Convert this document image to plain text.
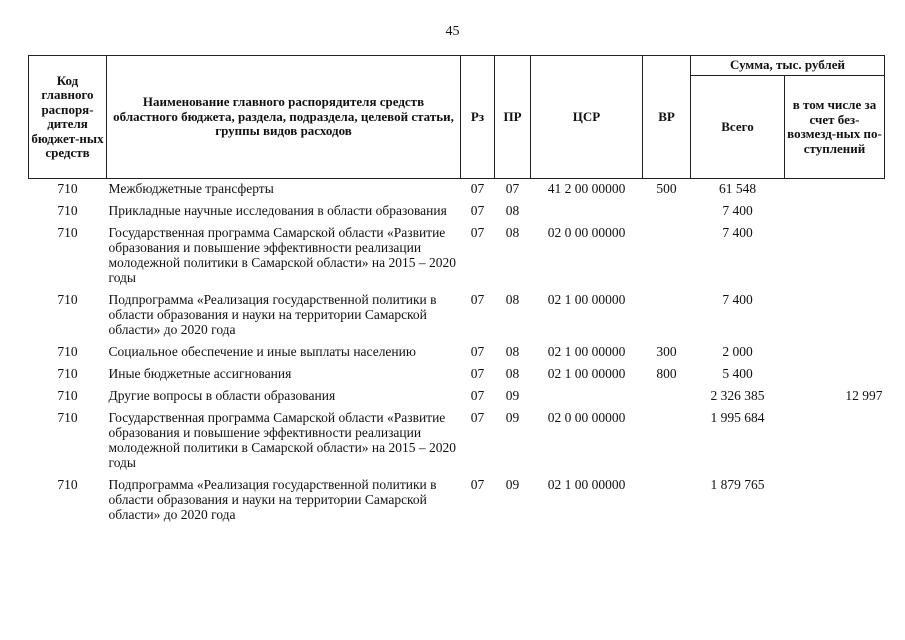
45
Код главного распоря-дителя бюджет-ных средств	Наименование главного распорядителя средств областного бюджета, раздела, подраздела, целевой статьи, группы видов расходов	Рз	ПР	ЦСР	ВР	Сумма, тыс. рублей	
						Всего	в том числе за счет без-возмезд-ных по-ступлений
710	Межбюджетные трансферты	07	07	41 2 00 00000	500	61 548	
710	Прикладные научные исследования в области образования	07	08			7 400	
710	Государственная программа Самарской области «Развитие образования и повышение эффективности реализации молодежной политики в Самарской области» на 2015 – 2020 годы	07	08	02 0 00 00000		7 400	
710	Подпрограмма «Реализация государственной политики в области образования и науки на территории Самарской области» до 2020 года	07	08	02 1 00 00000		7 400	
710	Социальное обеспечение и иные выплаты населению	07	08	02 1 00 00000	300	2 000	
710	Иные бюджетные ассигнования	07	08	02 1 00 00000	800	5 400	
710	Другие вопросы в области образования	07	09			2 326 385	12 997
710	Государственная программа Самарской области «Развитие образования и повышение эффективности реализации молодежной политики в Самарской области» на 2015 – 2020 годы	07	09	02 0 00 00000		1 995 684	
710	Подпрограмма «Реализация государственной политики в области образования и науки на территории Самарской области» до 2020 года	07	09	02 1 00 00000		1 879 765	
